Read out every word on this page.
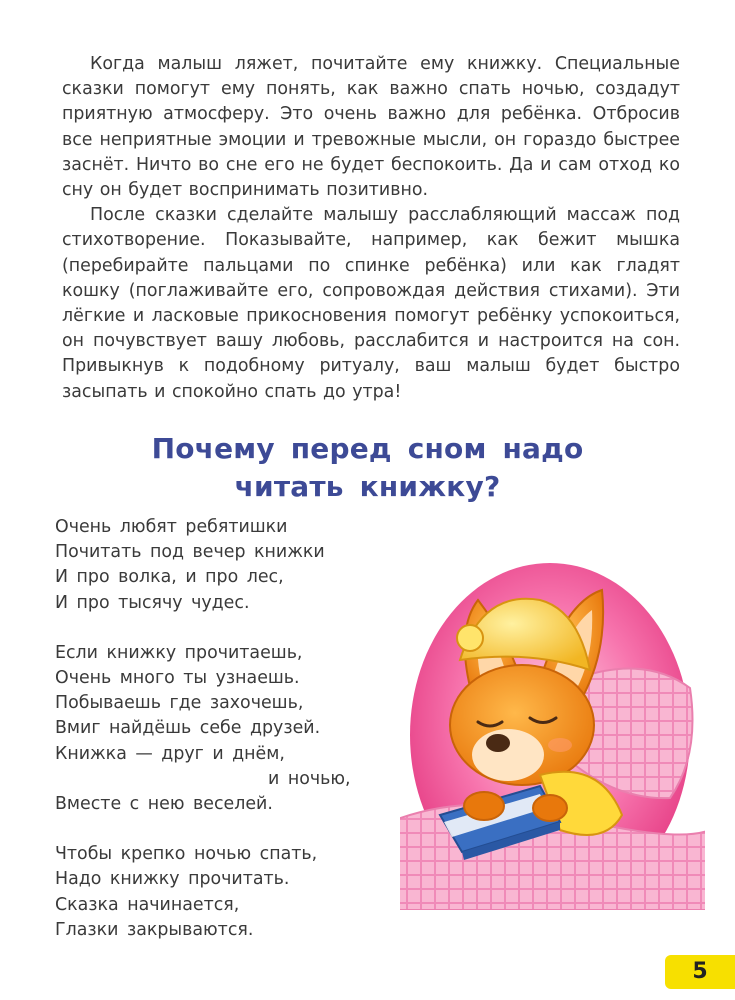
Когда малыш ляжет, почитайте ему книжку. Специальные сказки помогут ему понять, как важно спать ночью, создадут приятную атмосферу. Это очень важно для ребёнка. Отбросив все неприятные эмоции и тревожные мысли, он гораздо быстрее заснёт. Ничто во сне его не будет беспокоить. Да и сам отход ко сну он будет воспринимать позитивно.

После сказки сделайте малышу расслабляющий массаж под стихотворение. Показывайте, например, как бежит мышка (перебирайте пальцами по спинке ребёнка) или как гладят кошку (поглаживайте его, сопровождая действия стихами). Эти лёгкие и ласковые прикосновения помогут ребёнку успокоиться, он почувствует вашу любовь, расслабится и настроится на сон. Привыкнув к подобному ритуалу, ваш малыш будет быстро засыпать и спокойно спать до утра!

Почему перед сном надо
читать книжку?
Очень любят ребятишки
Почитать под вечер книжки
И про волка, и про лес,
И про тысячу чудес.
Если книжку прочитаешь,
Очень много ты узнаешь.
Побываешь где захочешь,
Вмиг найдёшь себе друзей.
Книжка — друг и днём,
и ночью,
Вместе с нею веселей.
Чтобы крепко ночью спать,
Надо книжку прочитать.
Сказка начинается,
Глазки закрываются.
5
